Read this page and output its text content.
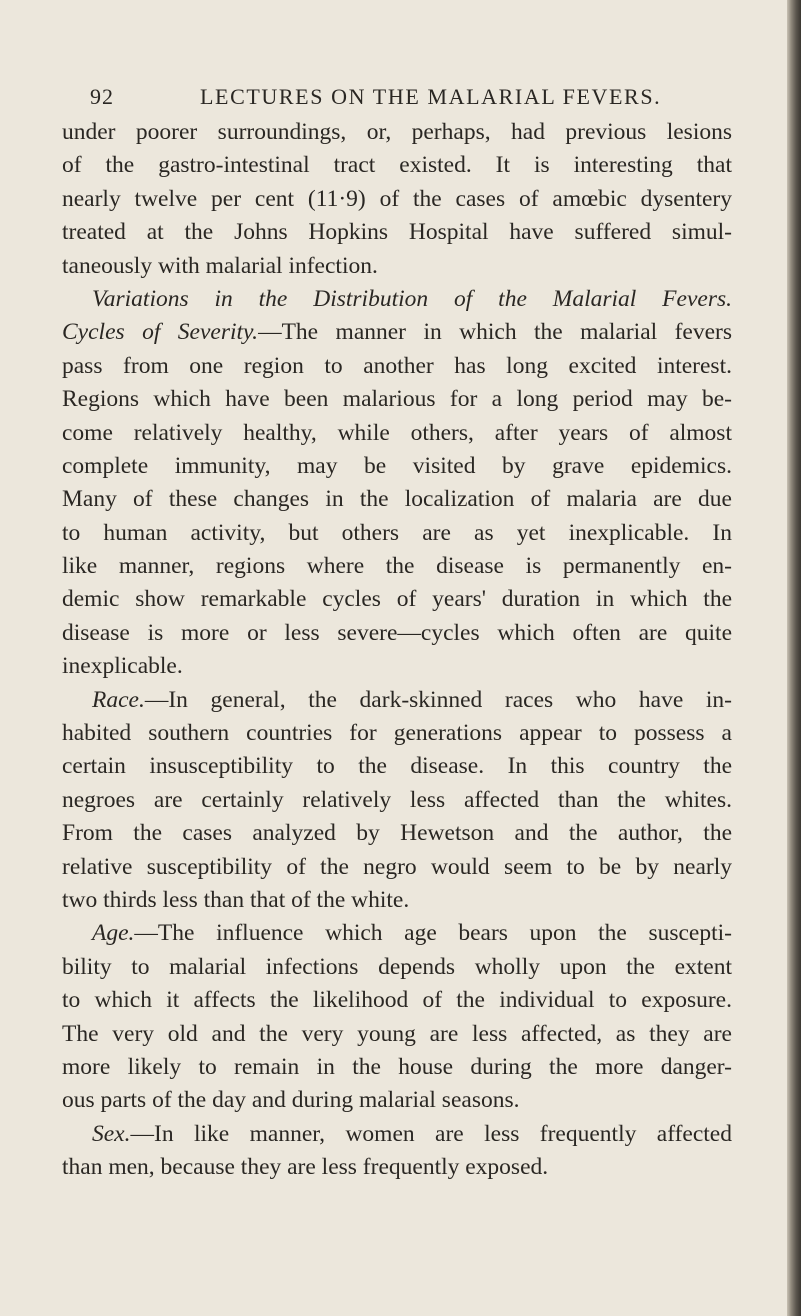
92	LECTURES ON THE MALARIAL FEVERS.
under poorer surroundings, or, perhaps, had previous lesions
of the gastro-intestinal tract existed. It is interesting that
nearly twelve per cent (11·9) of the cases of amœbic dysentery
treated at the Johns Hopkins Hospital have suffered simul-
taneously with malarial infection.
Variations in the Distribution of the Malarial Fevers.
Cycles of Severity.—The manner in which the malarial fevers
pass from one region to another has long excited interest.
Regions which have been malarious for a long period may be-
come relatively healthy, while others, after years of almost
complete immunity, may be visited by grave epidemics.
Many of these changes in the localization of malaria are due
to human activity, but others are as yet inexplicable. In
like manner, regions where the disease is permanently en-
demic show remarkable cycles of years' duration in which the
disease is more or less severe—cycles which often are quite
inexplicable.
Race.—In general, the dark-skinned races who have in-
habited southern countries for generations appear to possess a
certain insusceptibility to the disease. In this country the
negroes are certainly relatively less affected than the whites.
From the cases analyzed by Hewetson and the author, the
relative susceptibility of the negro would seem to be by nearly
two thirds less than that of the white.
Age.—The influence which age bears upon the suscepti-
bility to malarial infections depends wholly upon the extent
to which it affects the likelihood of the individual to exposure.
The very old and the very young are less affected, as they are
more likely to remain in the house during the more danger-
ous parts of the day and during malarial seasons.
Sex.—In like manner, women are less frequently affected
than men, because they are less frequently exposed.
